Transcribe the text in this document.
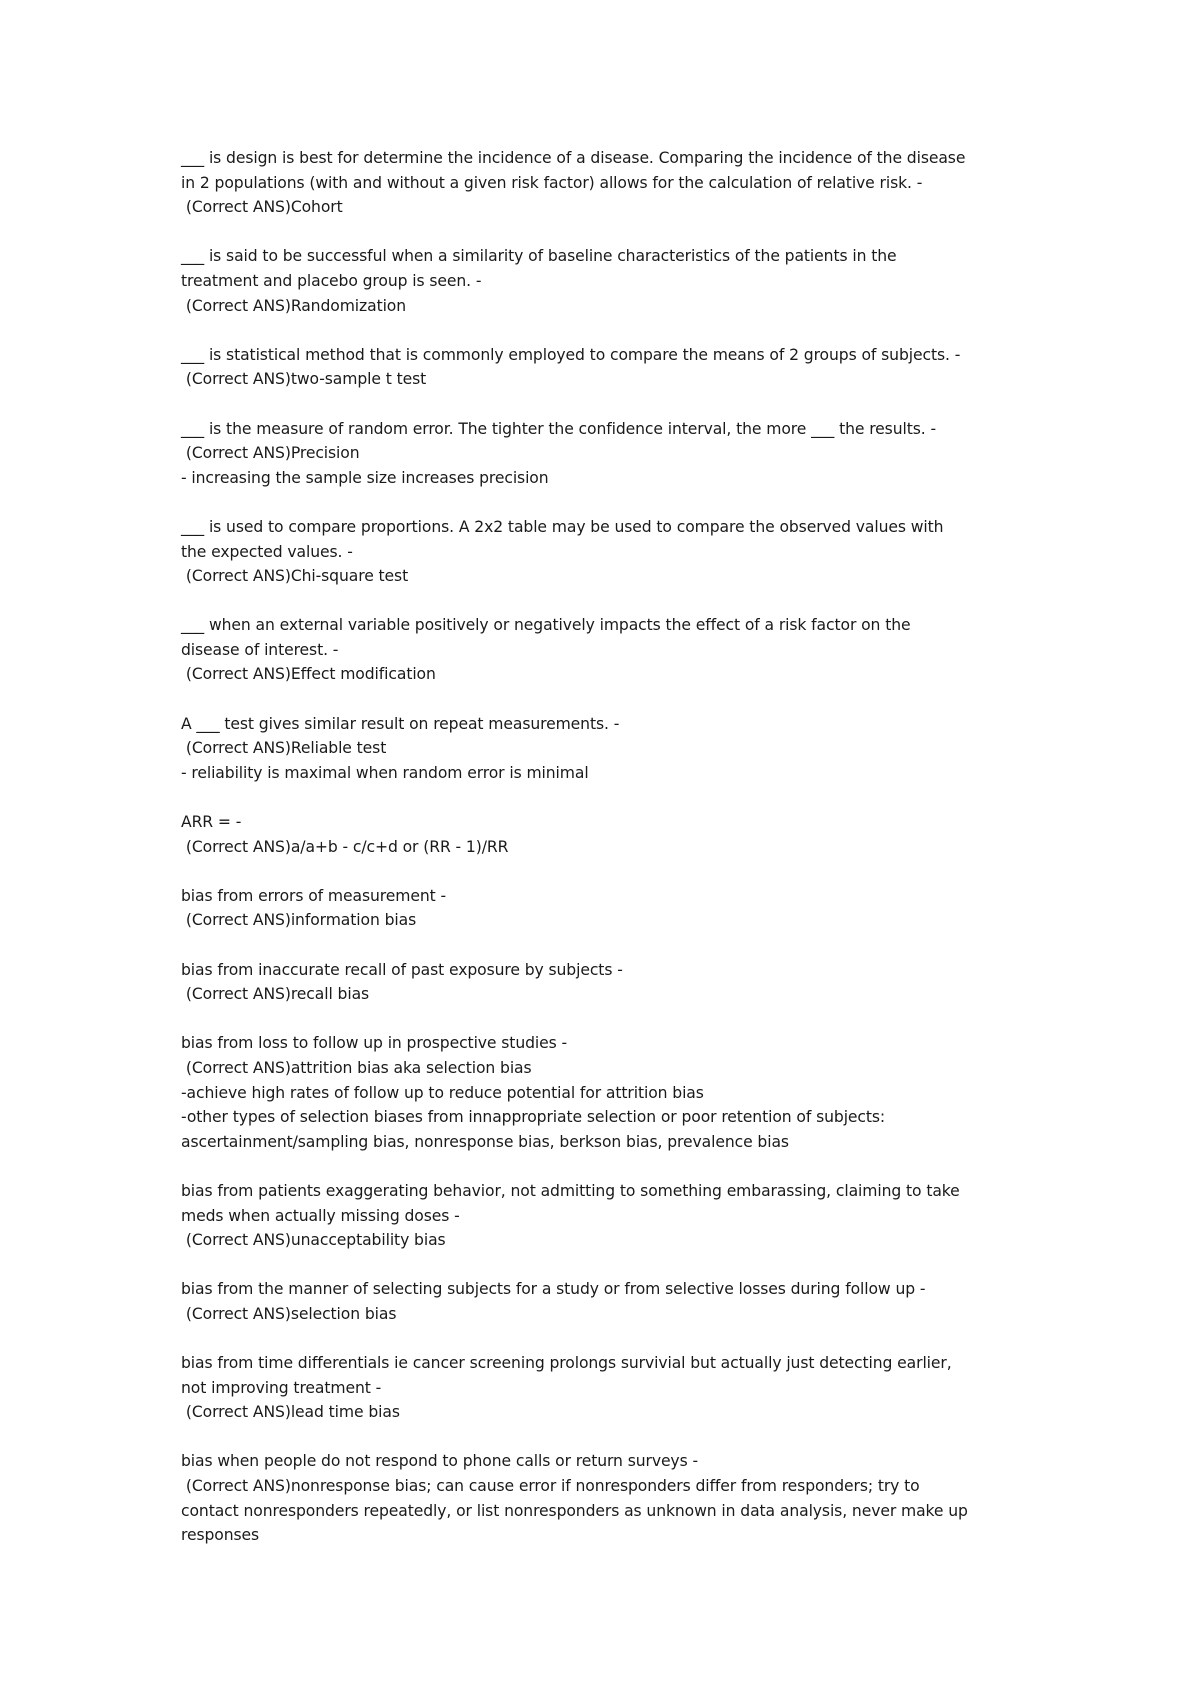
___ is design is best for determine the incidence of a disease. Comparing the incidence of the disease
in 2 populations (with and without a given risk factor) allows for the calculation of relative risk. -
(Correct ANS)Cohort
___ is said to be successful when a similarity of baseline characteristics of the patients in the
treatment and placebo group is seen. -
(Correct ANS)Randomization
___ is statistical method that is commonly employed to compare the means of 2 groups of subjects. -
(Correct ANS)two-sample t test
___ is the measure of random error. The tighter the confidence interval, the more ___ the results. -
(Correct ANS)Precision
- increasing the sample size increases precision
___ is used to compare proportions. A 2x2 table may be used to compare the observed values with
the expected values. -
(Correct ANS)Chi-square test
___ when an external variable positively or negatively impacts the effect of a risk factor on the
disease of interest. -
(Correct ANS)Effect modification
A ___ test gives similar result on repeat measurements. -
(Correct ANS)Reliable test
- reliability is maximal when random error is minimal
ARR = -
(Correct ANS)a/a+b - c/c+d or (RR - 1)/RR
bias from errors of measurement -
(Correct ANS)information bias
bias from inaccurate recall of past exposure by subjects -
(Correct ANS)recall bias
bias from loss to follow up in prospective studies -
(Correct ANS)attrition bias aka selection bias
-achieve high rates of follow up to reduce potential for attrition bias
-other types of selection biases from innappropriate selection or poor retention of subjects:
ascertainment/sampling bias, nonresponse bias, berkson bias, prevalence bias
bias from patients exaggerating behavior, not admitting to something embarassing, claiming to take
meds when actually missing doses -
(Correct ANS)unacceptability bias
bias from the manner of selecting subjects for a study or from selective losses during follow up -
(Correct ANS)selection bias
bias from time differentials ie cancer screening prolongs survivial but actually just detecting earlier,
not improving treatment -
(Correct ANS)lead time bias
bias when people do not respond to phone calls or return surveys -
(Correct ANS)nonresponse bias; can cause error if nonresponders differ from responders; try to
contact nonresponders repeatedly, or list nonresponders as unknown in data analysis, never make up
responses
